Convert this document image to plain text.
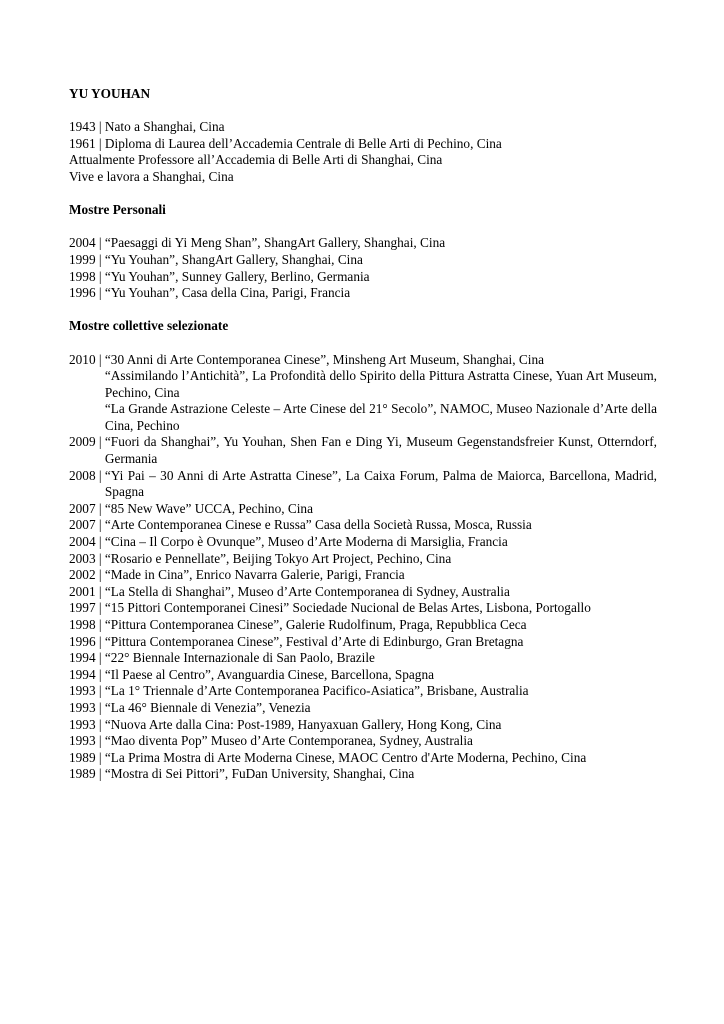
YU YOUHAN
1943 | Nato a Shanghai, Cina
1961 | Diploma di Laurea dell’Accademia Centrale di Belle Arti di Pechino, Cina
Attualmente Professore all’Accademia di Belle Arti di Shanghai, Cina
Vive e lavora a Shanghai, Cina
Mostre Personali
2004 | “Paesaggi di Yi Meng Shan”, ShangArt Gallery, Shanghai, Cina
1999 | “Yu Youhan”, ShangArt Gallery, Shanghai, Cina
1998 | “Yu Youhan”, Sunney Gallery, Berlino, Germania
1996 | “Yu Youhan”, Casa della Cina, Parigi, Francia
Mostre collettive selezionate
2010 | “30 Anni di Arte Contemporanea Cinese”, Minsheng Art Museum, Shanghai, Cina
“Assimilando l’Antichità”, La Profondità dello Spirito della Pittura Astratta Cinese, Yuan Art Museum, Pechino, Cina
“La Grande Astrazione Celeste – Arte Cinese del 21° Secolo”, NAMOC, Museo Nazionale d’Arte della Cina, Pechino
2009 | “Fuori da Shanghai”, Yu Youhan, Shen Fan e Ding Yi, Museum Gegenstandsfreier Kunst, Otterndorf, Germania
2008 | “Yi Pai – 30 Anni di Arte Astratta Cinese”, La Caixa Forum, Palma de Maiorca, Barcellona, Madrid, Spagna
2007 | “85 New Wave” UCCA, Pechino, Cina
2007 | “Arte Contemporanea Cinese e Russa” Casa della Società Russa, Mosca, Russia
2004 | “Cina – Il Corpo è Ovunque”, Museo d’Arte Moderna di Marsiglia, Francia
2003 | “Rosario e Pennellate”, Beijing Tokyo Art Project, Pechino, Cina
2002 | “Made in Cina”, Enrico Navarra Galerie, Parigi, Francia
2001 | “La Stella di Shanghai”, Museo d’Arte Contemporanea di Sydney, Australia
1997 | “15 Pittori Contemporanei Cinesi” Sociedade Nucional de Belas Artes, Lisbona, Portogallo
1998 | “Pittura Contemporanea Cinese”, Galerie Rudolfinum, Praga, Repubblica Ceca
1996 | “Pittura Contemporanea Cinese”, Festival d’Arte di Edinburgo, Gran Bretagna
1994 | “22° Biennale Internazionale di San Paolo, Brazile
1994 | “Il Paese al Centro”, Avanguardia Cinese, Barcellona, Spagna
1993 | “La 1° Triennale d’Arte Contemporanea Pacifico-Asiatica”, Brisbane, Australia
1993 | “La 46° Biennale di Venezia”, Venezia
1993 | “Nuova Arte dalla Cina: Post-1989, Hanyaxuan Gallery, Hong Kong, Cina
1993 | “Mao diventa Pop” Museo d’Arte Contemporanea, Sydney, Australia
1989 | “La Prima Mostra di Arte Moderna Cinese, MAOC Centro d'Arte Moderna, Pechino, Cina
1989 | “Mostra di Sei Pittori”, FuDan University, Shanghai, Cina
